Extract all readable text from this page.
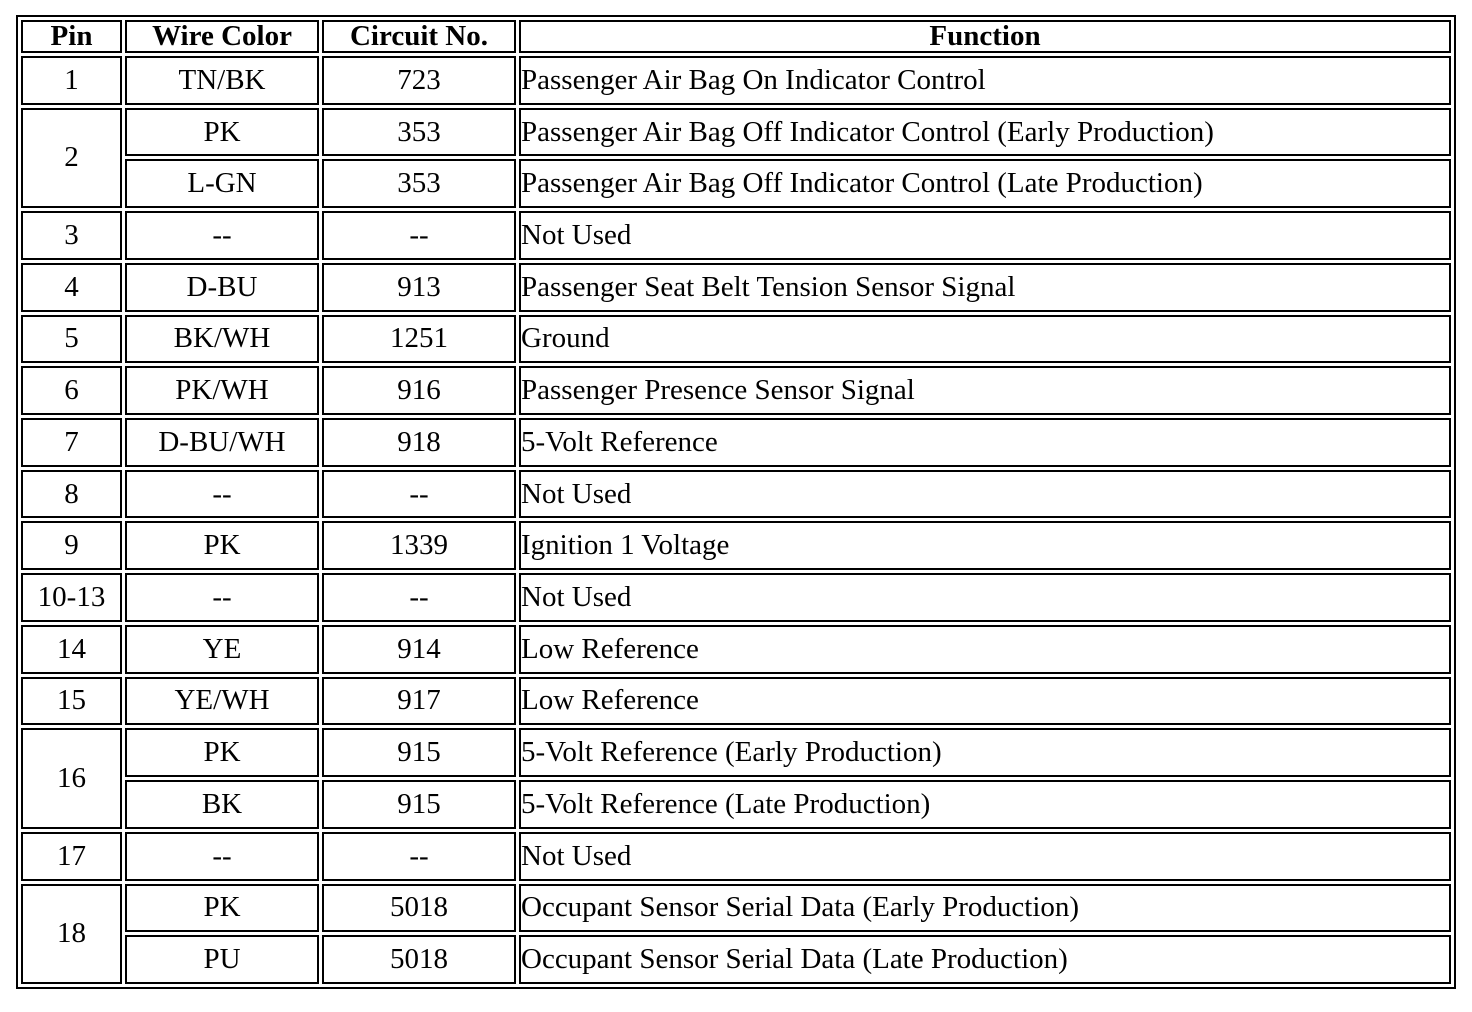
Pin	Wire Color	Circuit No.	Function
1	TN/BK	723	Passenger Air Bag On Indicator Control
2	PK	353	Passenger Air Bag Off Indicator Control (Early Production)
	L-GN	353	Passenger Air Bag Off Indicator Control (Late Production)
3	--	--	Not Used
4	D-BU	913	Passenger Seat Belt Tension Sensor Signal
5	BK/WH	1251	Ground
6	PK/WH	916	Passenger Presence Sensor Signal
7	D-BU/WH	918	5-Volt Reference
8	--	--	Not Used
9	PK	1339	Ignition 1 Voltage
10-13	--	--	Not Used
14	YE	914	Low Reference
15	YE/WH	917	Low Reference
16	PK	915	5-Volt Reference (Early Production)
	BK	915	5-Volt Reference (Late Production)
17	--	--	Not Used
18	PK	5018	Occupant Sensor Serial Data (Early Production)
	PU	5018	Occupant Sensor Serial Data (Late Production)
